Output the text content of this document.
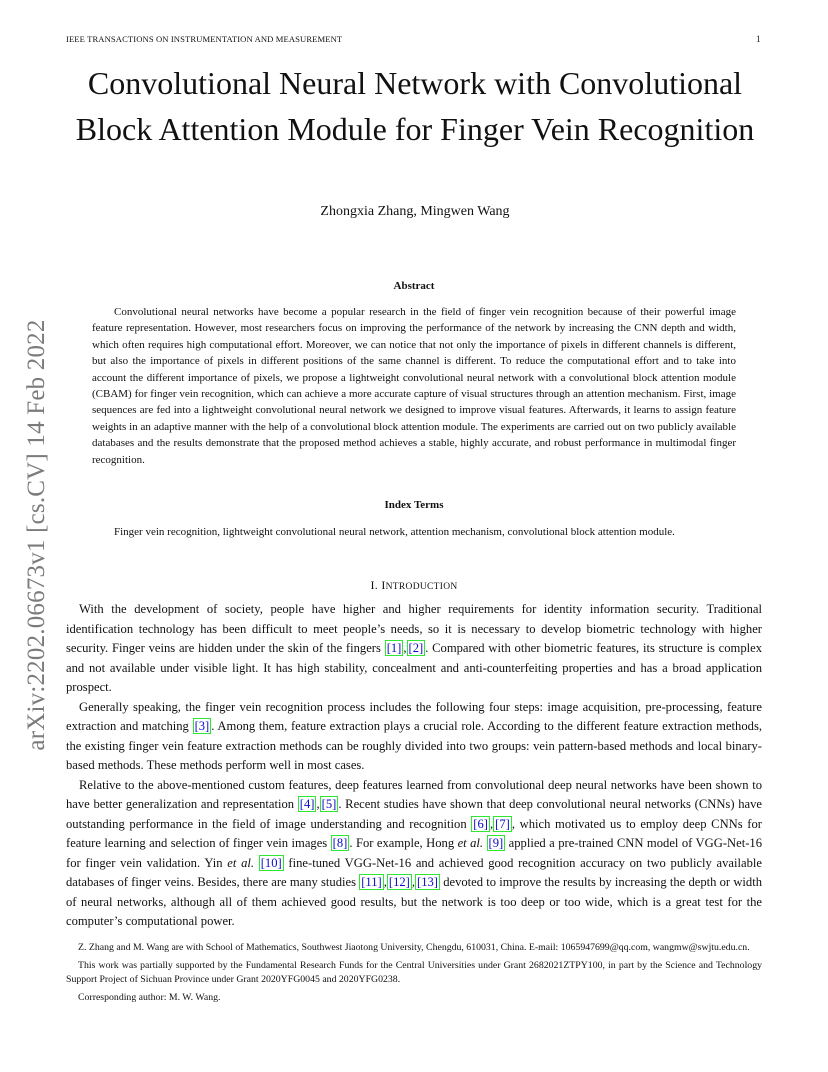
IEEE TRANSACTIONS ON INSTRUMENTATION AND MEASUREMENT	1
arXiv:2202.06673v1 [cs.CV] 14 Feb 2022
Convolutional Neural Network with Convolutional Block Attention Module for Finger Vein Recognition
Zhongxia Zhang, Mingwen Wang
Abstract
Convolutional neural networks have become a popular research in the field of finger vein recognition because of their powerful image feature representation. However, most researchers focus on improving the performance of the network by increasing the CNN depth and width, which often requires high computational effort. Moreover, we can notice that not only the importance of pixels in different channels is different, but also the importance of pixels in different positions of the same channel is different. To reduce the computational effort and to take into account the different importance of pixels, we propose a lightweight convolutional neural network with a convolutional block attention module (CBAM) for finger vein recognition, which can achieve a more accurate capture of visual structures through an attention mechanism. First, image sequences are fed into a lightweight convolutional neural network we designed to improve visual features. Afterwards, it learns to assign feature weights in an adaptive manner with the help of a convolutional block attention module. The experiments are carried out on two publicly available databases and the results demonstrate that the proposed method achieves a stable, highly accurate, and robust performance in multimodal finger recognition.
Index Terms
Finger vein recognition, lightweight convolutional neural network, attention mechanism, convolutional block attention module.
I. INTRODUCTION

With the development of society, people have higher and higher requirements for identity information security. Traditional identification technology has been difficult to meet people’s needs, so it is necessary to develop biometric technology with higher security. Finger veins are hidden under the skin of the fingers [1] , [2] . Compared with other biometric features, its structure is complex and not available under visible light. It has high stability, concealment and anti-counterfeiting properties and has a broad application prospect.

Generally speaking, the finger vein recognition process includes the following four steps: image acquisition, pre-processing, feature extraction and matching [3] . Among them, feature extraction plays a crucial role. According to the different feature extraction methods, the existing finger vein feature extraction methods can be roughly divided into two groups: vein pattern-based methods and local binary-based methods. These methods perform well in most cases.

Relative to the above-mentioned custom features, deep features learned from convolutional deep neural networks have been shown to have better generalization and representation [4] , [5] . Recent studies have shown that deep convolutional neural networks (CNNs) have outstanding performance in the field of image understanding and recognition [6] , [7] , which motivated us to employ deep CNNs for feature learning and selection of finger vein images [8] . For example, Hong et al. [9] applied a pre-trained CNN model of VGG-Net-16 for finger vein validation. Yin et al. [10] fine-tuned VGG-Net-16 and achieved good recognition accuracy on two publicly available databases of finger veins. Besides, there are many studies [11] , [12] , [13] devoted to improve the results by increasing the depth or width of neural networks, although all of them achieved good results, but the network is too deep or too wide, which is a great test for the computer’s computational power.

Z. Zhang and M. Wang are with School of Mathematics, Southwest Jiaotong University, Chengdu, 610031, China. E-mail: 1065947699@qq.com, wangmw@swjtu.edu.cn.

This work was partially supported by the Fundamental Research Funds for the Central Universities under Grant 2682021ZTPY100, in part by the Science and Technology Support Project of Sichuan Province under Grant 2020YFG0045 and 2020YFG0238.

Corresponding author: M. W. Wang.
